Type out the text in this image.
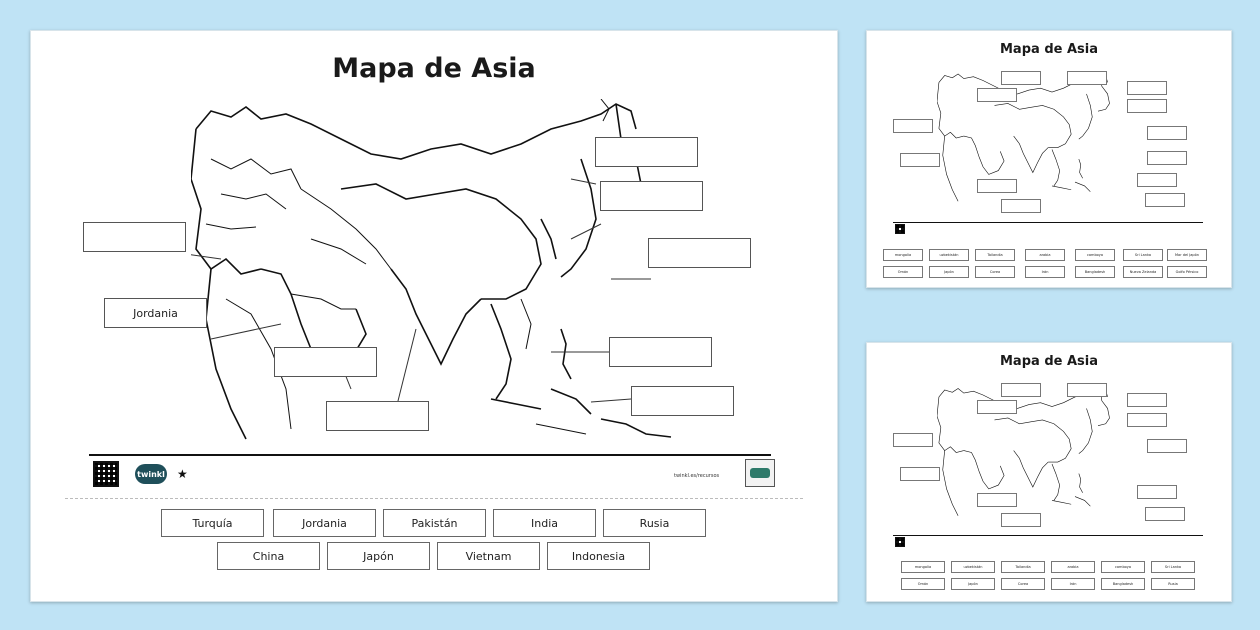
Mapa de Asia
Jordania
twinkl ★	twinkl.es/recursos
Turquía	Jordania	Pakistán	India	Rusia
China	Japón	Vietnam	Indonesia
Mapa de Asia
mongolia	uzbekistán	Tailandia	arabia	camboya	Sri Lanka	Mar del Japón
Omán	Japón	Corea	Irán	Bangladesh	Nueva Zelanda	Golfo Pérsico
Mapa de Asia
mongolia	uzbekistán	Tailandia	arabia	camboya	Sri Lanka
Omán	Japón	Corea	Irán	Bangladesh	Rusia
